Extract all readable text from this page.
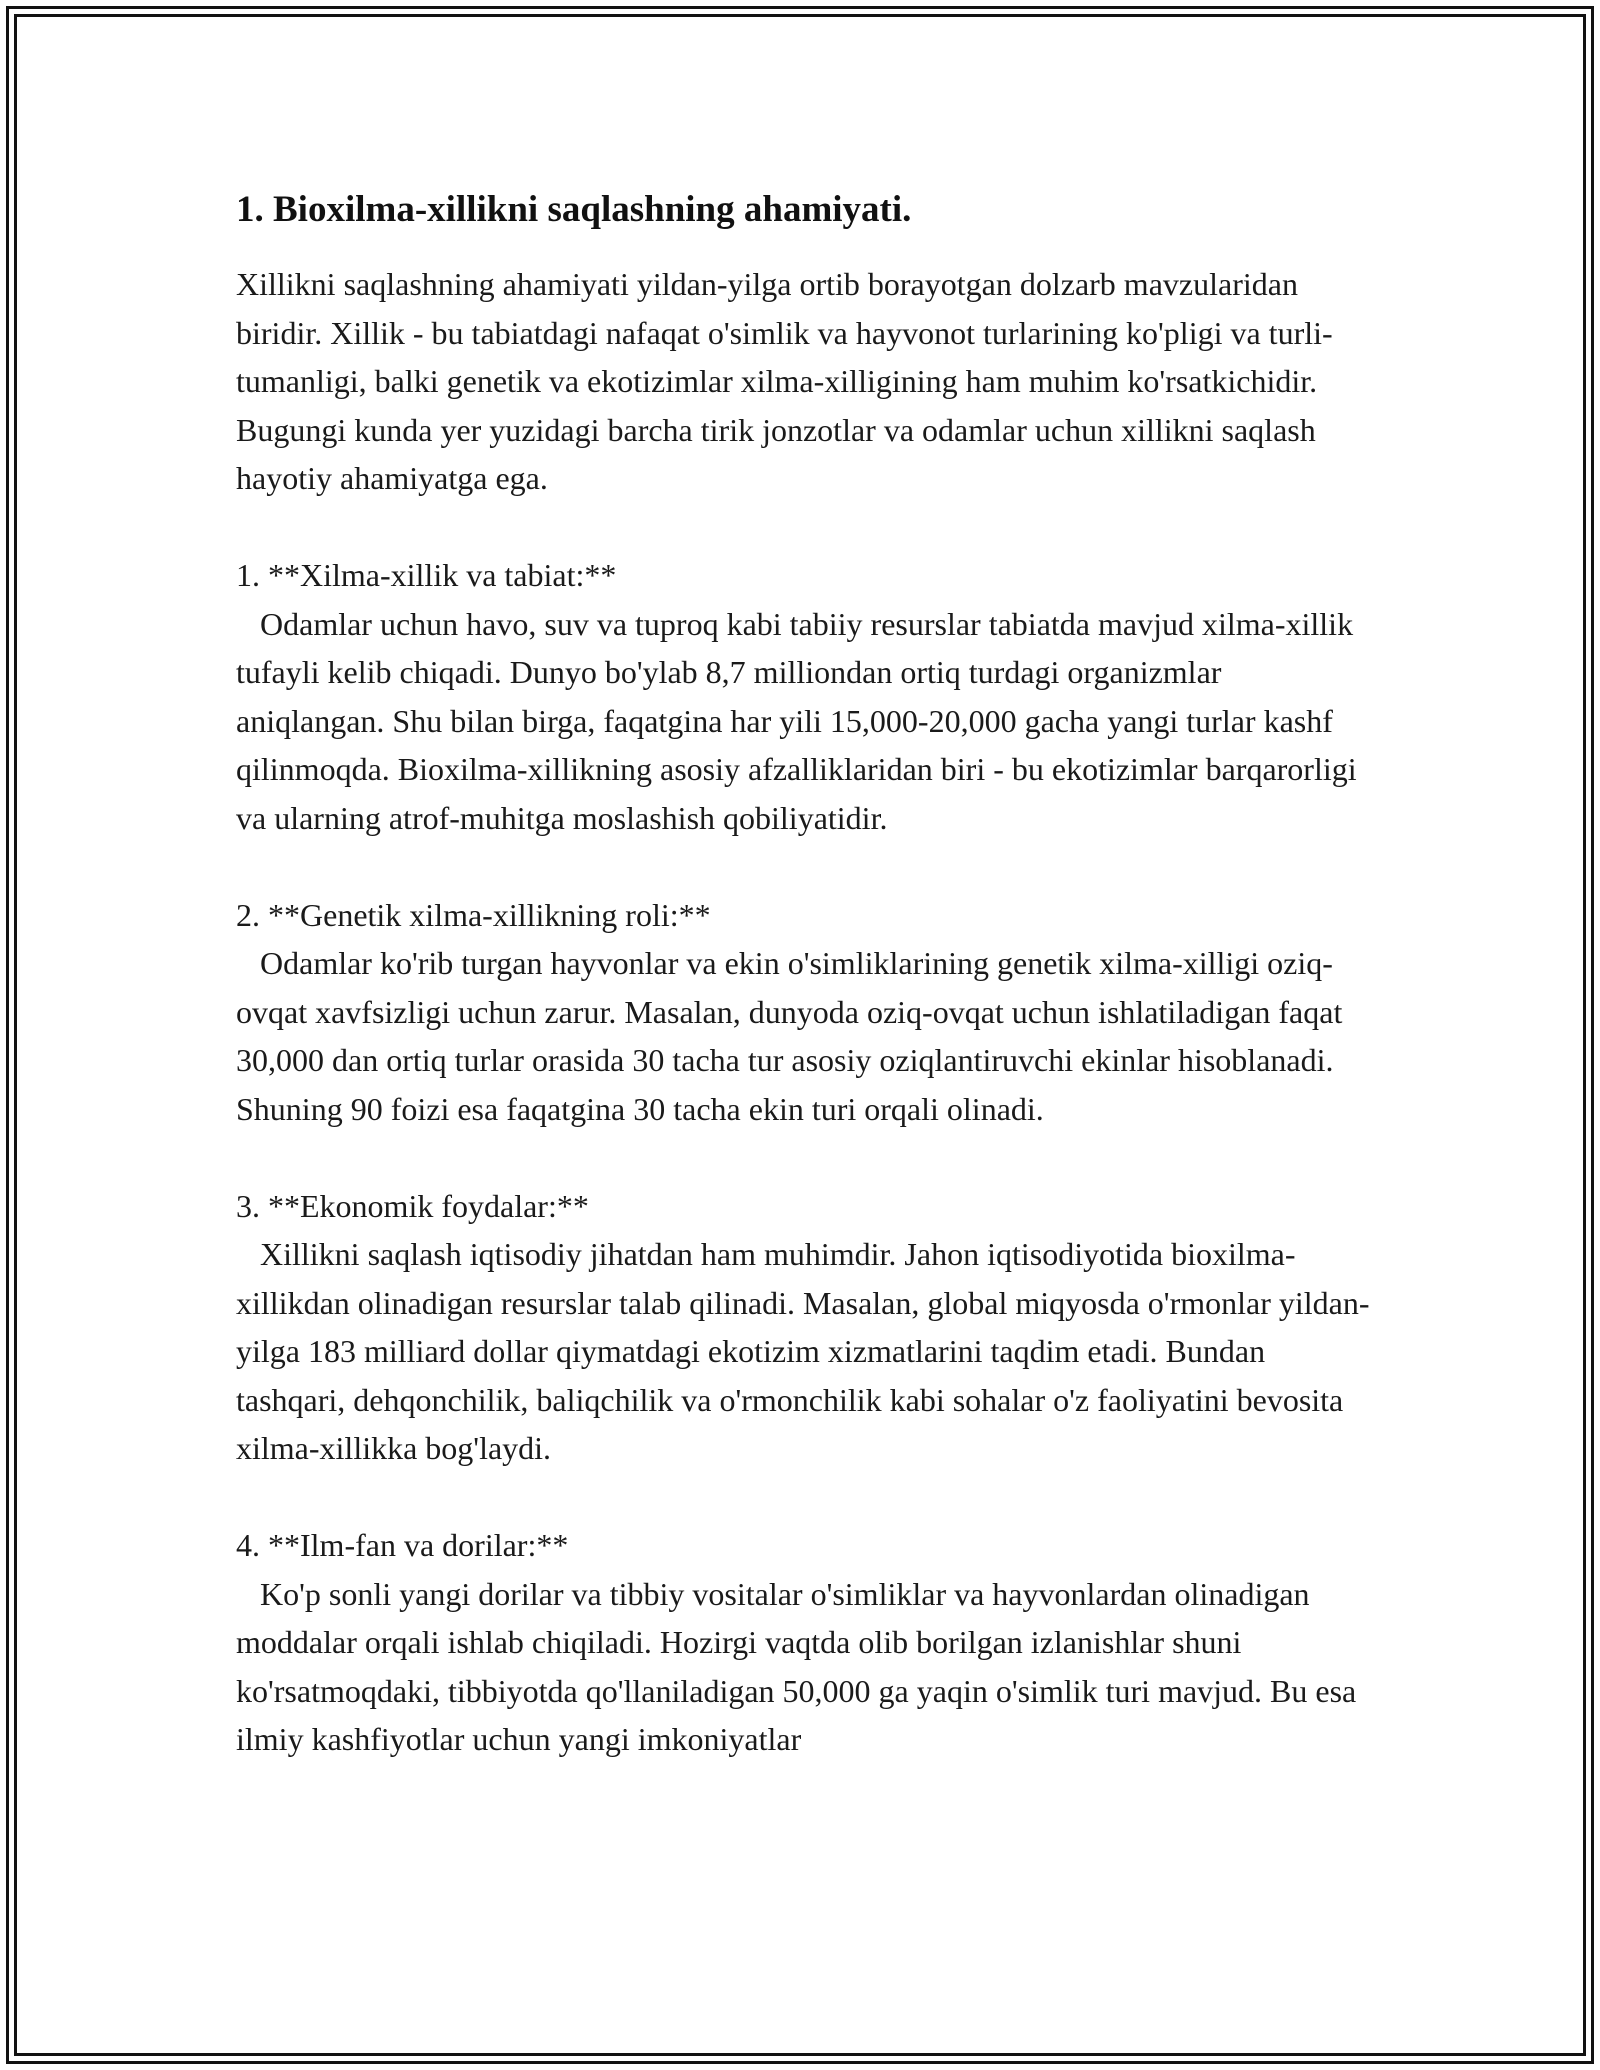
1. Bioxilma-xillikni saqlashning ahamiyati.

Xillikni saqlashning ahamiyati yildan-yilga ortib borayotgan dolzarb mavzularidan biridir. Xillik - bu tabiatdagi nafaqat o'simlik va hayvonot turlarining ko'pligi va turli-tumanligi, balki genetik va ekotizimlar xilma-xilligining ham muhim ko'rsatkichidir. Bugungi kunda yer yuzidagi barcha tirik jonzotlar va odamlar uchun xillikni saqlash hayotiy ahamiyatga ega.

1. **Xilma-xillik va tabiat:**

Odamlar uchun havo, suv va tuproq kabi tabiiy resurslar tabiatda mavjud xilma-xillik tufayli kelib chiqadi. Dunyo bo'ylab 8,7 milliondan ortiq turdagi organizmlar aniqlangan. Shu bilan birga, faqatgina har yili 15,000-20,000 gacha yangi turlar kashf qilinmoqda. Bioxilma-xillikning asosiy afzalliklaridan biri - bu ekotizimlar barqarorligi va ularning atrof-muhitga moslashish qobiliyatidir.

2. **Genetik xilma-xillikning roli:**

Odamlar ko'rib turgan hayvonlar va ekin o'simliklarining genetik xilma-xilligi oziq-ovqat xavfsizligi uchun zarur. Masalan, dunyoda oziq-ovqat uchun ishlatiladigan faqat 30,000 dan ortiq turlar orasida 30 tacha tur asosiy oziqlantiruvchi ekinlar hisoblanadi. Shuning 90 foizi esa faqatgina 30 tacha ekin turi orqali olinadi.

3. **Ekonomik foydalar:**

Xillikni saqlash iqtisodiy jihatdan ham muhimdir. Jahon iqtisodiyotida bioxilma-xillikdan olinadigan resurslar talab qilinadi. Masalan, global miqyosda o'rmonlar yildan-yilga 183 milliard dollar qiymatdagi ekotizim xizmatlarini taqdim etadi. Bundan tashqari, dehqonchilik, baliqchilik va o'rmonchilik kabi sohalar o'z faoliyatini bevosita xilma-xillikka bog'laydi.

4. **Ilm-fan va dorilar:**

Ko'p sonli yangi dorilar va tibbiy vositalar o'simliklar va hayvonlardan olinadigan moddalar orqali ishlab chiqiladi. Hozirgi vaqtda olib borilgan izlanishlar shuni ko'rsatmoqdaki, tibbiyotda qo'llaniladigan 50,000 ga yaqin o'simlik turi mavjud. Bu esa ilmiy kashfiyotlar uchun yangi imkoniyatlar
